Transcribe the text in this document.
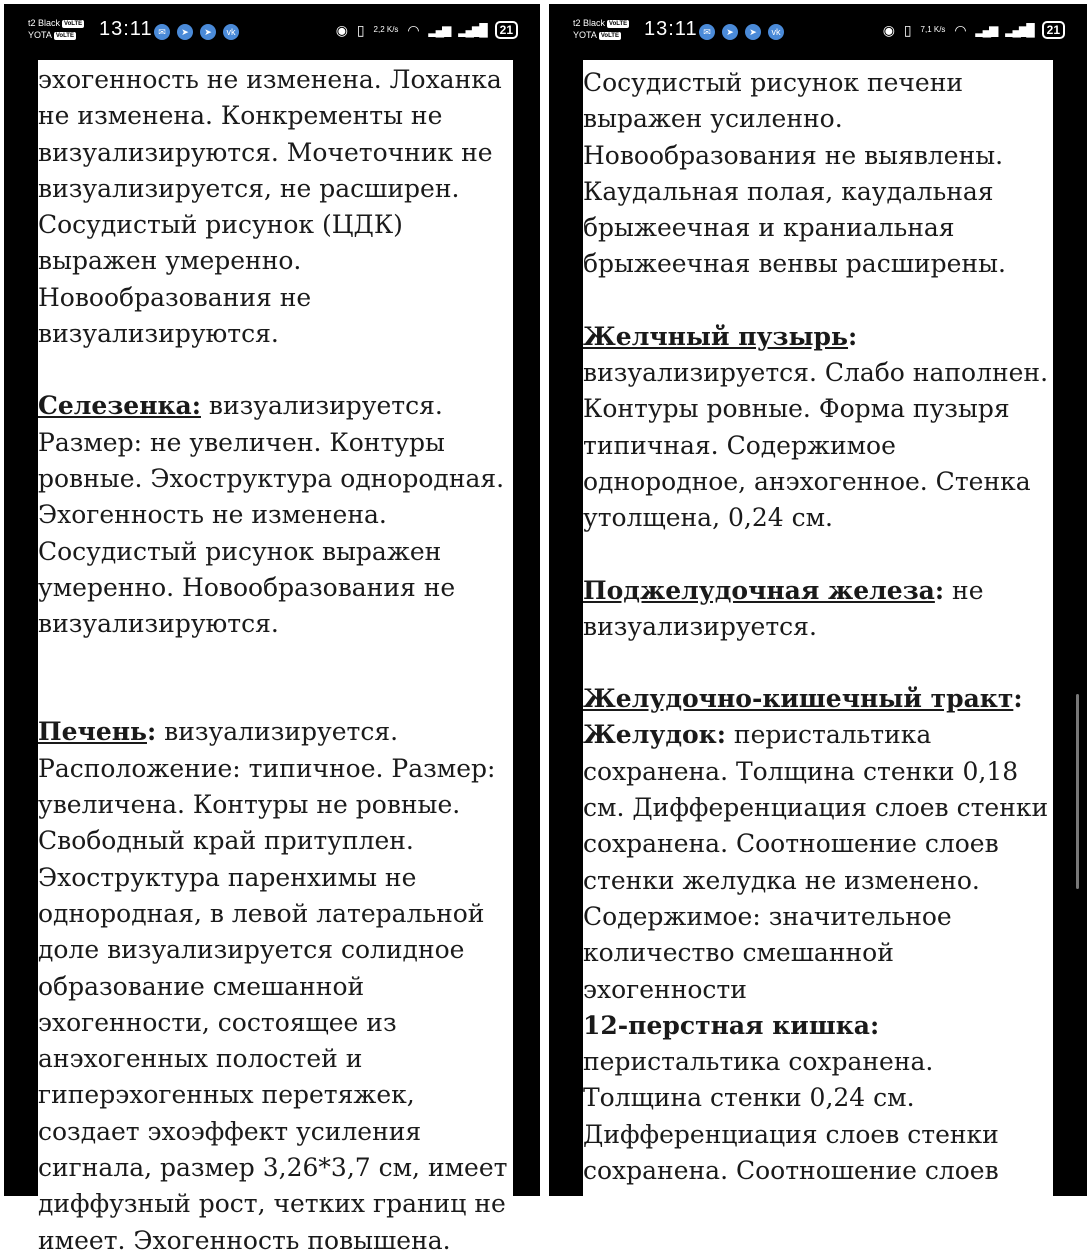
t2 Black VoLTE
YOTA VoLTE	13:11 ✉ ➤ ➤ vk	◉ ▯ 2,2 K/s ◠ ▂▄▆ ▂▄▆█ 21

эхогенность не изменена. Лоханка не изменена. Конкременты не визуализируются. Мочеточник не визуализируется, не расширен. Сосудистый рисунок (ЦДК) выражен умеренно. Новообразования не визуализируются.

Селезенка: визуализируется. Размер: не увеличен. Контуры ровные. Эхоструктура однородная. Эхогенность не изменена. Сосудистый рисунок выражен умеренно. Новообразования не визуализируются.

Печень: визуализируется. Расположение: типичное. Размер: увеличена. Контуры не ровные. Свободный край притуплен. Эхоструктура паренхимы не однородная, в левой латеральной доле визуализируется солидное образование смешанной эхогенности, состоящее из анэхогенных полостей и гиперэхогенных перетяжек, создает эхоэффект усиления сигнала, размер 3,26*3,7 см, имеет диффузный рост, четких границ не имеет. Эхогенность повышена.

t2 Black VoLTE
YOTA VoLTE	13:11 ✉ ➤ ➤ vk	◉ ▯ 7,1 K/s ◠ ▂▄▆ ▂▄▆█ 21

Сосудистый рисунок печени выражен усиленно. Новообразования не выявлены. Каудальная полая, каудальная брыжеечная и краниальная брыжеечная венвы расширены.

Желчный пузырь: визуализируется. Слабо наполнен. Контуры ровные. Форма пузыря типичная. Содержимое однородное, анэхогенное. Стенка утолщена, 0,24 см.

Поджелудочная железа: не визуализируется.

Желудочно-кишечный тракт:

Желудок: перистальтика сохранена. Толщина стенки 0,18 см. Дифференциация слоев стенки сохранена. Соотношение слоев стенки желудка не изменено. Содержимое: значительное количество смешанной эхогенности

12-перстная кишка: перистальтика сохранена. Толщина стенки 0,24 см. Дифференциация слоев стенки сохранена. Соотношение слоев
